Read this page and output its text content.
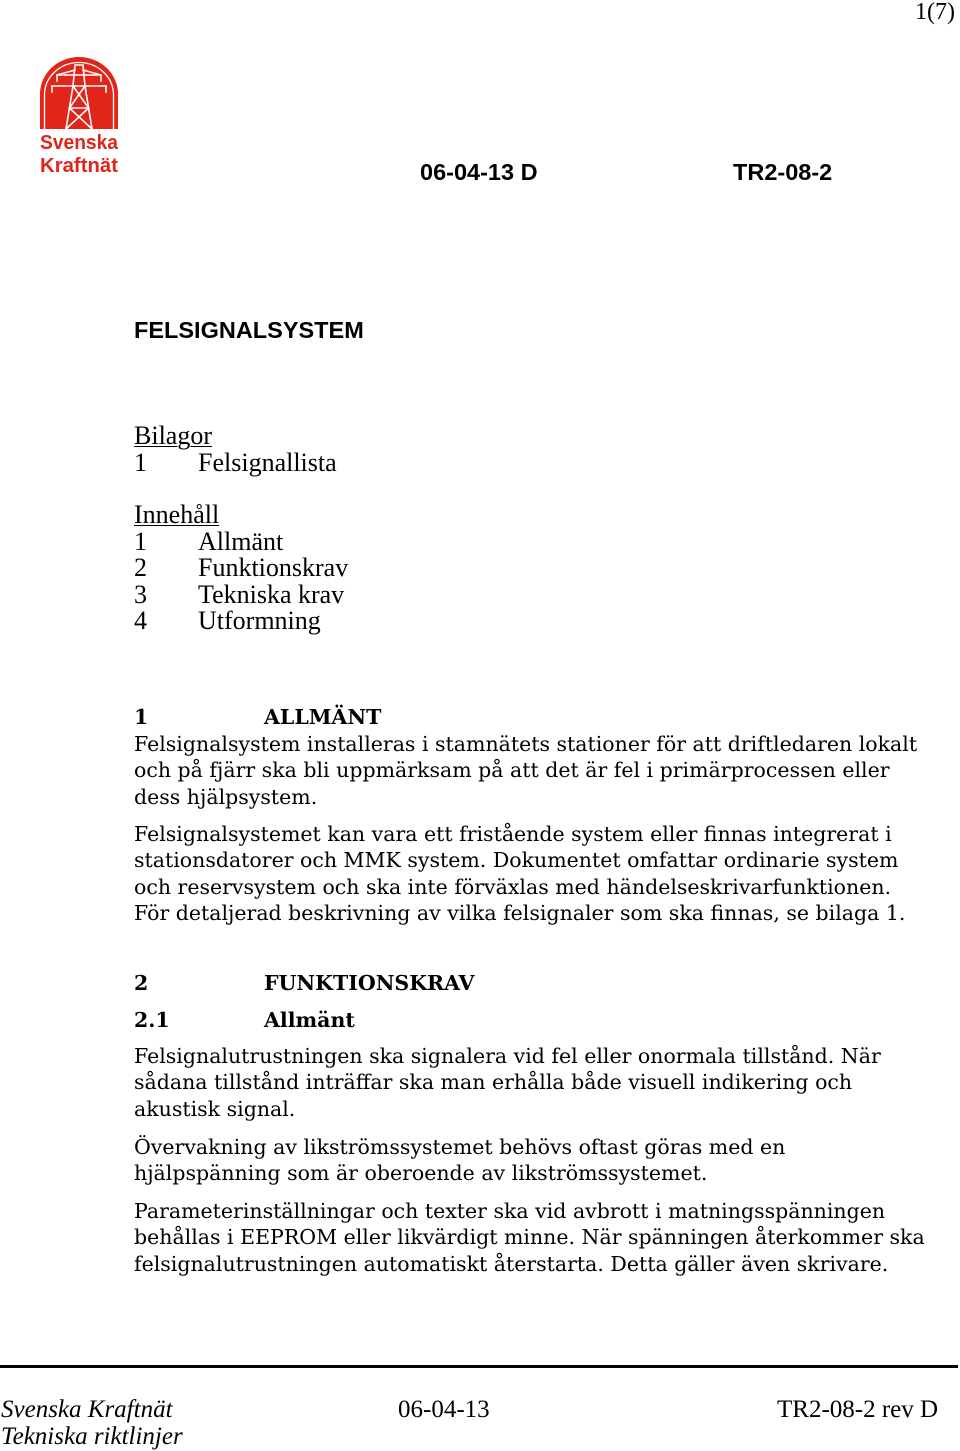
1(7)
Svenska
Kraftnät	06-04-13 D	TR2-08-2
FELSIGNALSYSTEM
Bilagor
1 Felsignallista
Innehåll
1 Allmänt
2 Funktionskrav
3 Tekniska krav
4 Utformning
1	ALLMÄNT
Felsignalsystem installeras i stamnätets stationer för att driftledaren lokalt
och på fjärr ska bli uppmärksam på att det är fel i primärprocessen eller
dess hjälpsystem.
Felsignalsystemet kan vara ett fristående system eller finnas integrerat i
stationsdatorer och MMK system. Dokumentet omfattar ordinarie system
och reservsystem och ska inte förväxlas med händelseskrivarfunktionen.
För detaljerad beskrivning av vilka felsignaler som ska finnas, se bilaga 1.
2	FUNKTIONSKRAV
2.1	Allmänt
Felsignalutrustningen ska signalera vid fel eller onormala tillstånd. När
sådana tillstånd inträffar ska man erhålla både visuell indikering och
akustisk signal.
Övervakning av likströmssystemet behövs oftast göras med en
hjälpspänning som är oberoende av likströmssystemet.
Parameterinställningar och texter ska vid avbrott i matningsspänningen
behållas i EEPROM eller likvärdigt minne. När spänningen återkommer ska
felsignalutrustningen automatiskt återstarta. Detta gäller även skrivare.
Svenska Kraftnät	06-04-13	TR2-08-2 rev D
Tekniska riktlinjer
